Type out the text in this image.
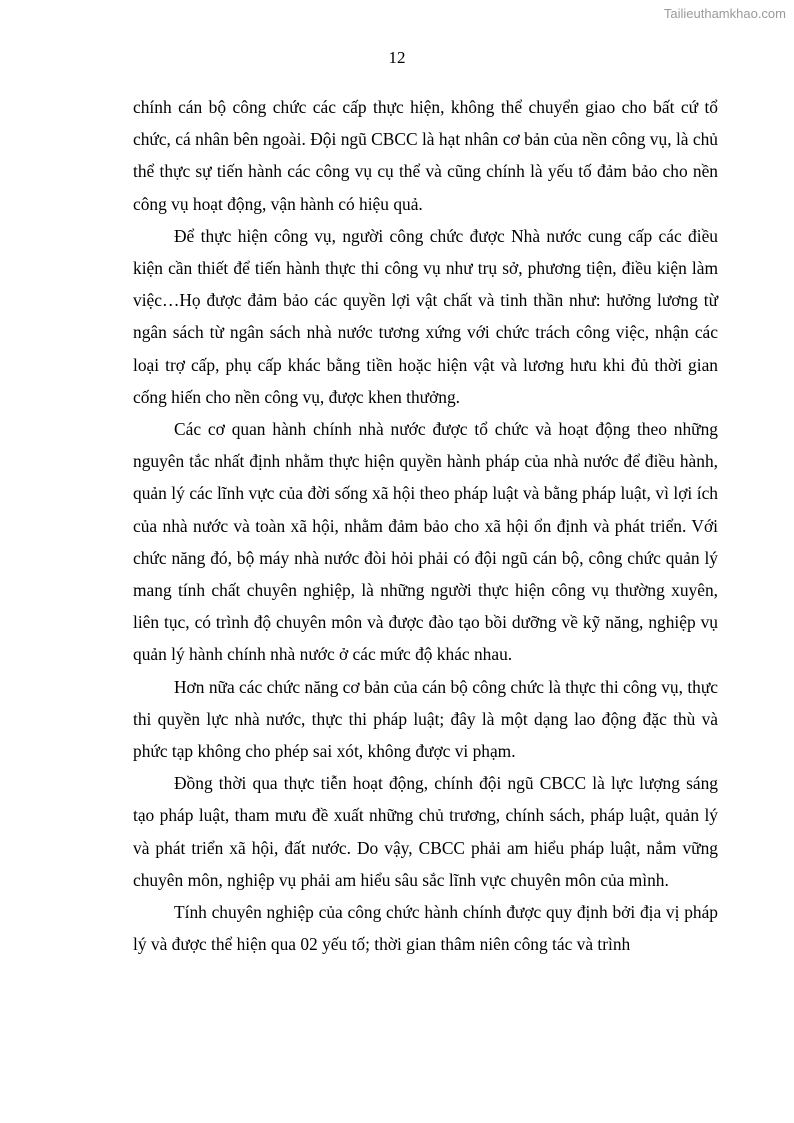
Tailieuthamkhao.com
12

chính cán bộ công chức các cấp thực hiện, không thể chuyển giao cho bất cứ tổ chức, cá nhân bên ngoài. Đội ngũ CBCC là hạt nhân cơ bản của nền công vụ, là chủ thể thực sự tiến hành các công vụ cụ thể và cũng chính là yếu tố đảm bảo cho nền công vụ hoạt động, vận hành có hiệu quả.

Để thực hiện công vụ, người công chức được Nhà nước cung cấp các điều kiện cần thiết để tiến hành thực thi công vụ như trụ sở, phương tiện, điều kiện làm việc…Họ được đảm bảo các quyền lợi vật chất và tinh thần như: hưởng lương từ ngân sách từ ngân sách nhà nước tương xứng với chức trách công việc, nhận các loại trợ cấp, phụ cấp khác bằng tiền hoặc hiện vật và lương hưu khi đủ thời gian cống hiến cho nền công vụ, được khen thưởng.

Các cơ quan hành chính nhà nước được tổ chức và hoạt động theo những nguyên tắc nhất định nhằm thực hiện quyền hành pháp của nhà nước để điều hành, quản lý các lĩnh vực của đời sống xã hội theo pháp luật và bằng pháp luật, vì lợi ích của nhà nước và toàn xã hội, nhằm đảm bảo cho xã hội ổn định và phát triển. Với chức năng đó, bộ máy nhà nước đòi hỏi phải có đội ngũ cán bộ, công chức quản lý mang tính chất chuyên nghiệp, là những người thực hiện công vụ thường xuyên, liên tục, có trình độ chuyên môn và được đào tạo bồi dưỡng về kỹ năng, nghiệp vụ quản lý hành chính nhà nước ở các mức độ khác nhau.

Hơn nữa các chức năng cơ bản của cán bộ công chức là thực thi công vụ, thực thi quyền lực nhà nước, thực thi pháp luật; đây là một dạng lao động đặc thù và phức tạp không cho phép sai xót, không được vi phạm.

Đồng thời qua thực tiễn hoạt động, chính đội ngũ CBCC là lực lượng sáng tạo pháp luật, tham mưu đề xuất những chủ trương, chính sách, pháp luật, quản lý và phát triển xã hội, đất nước. Do vậy, CBCC phải am hiểu pháp luật, nắm vững chuyên môn, nghiệp vụ phải am hiểu sâu sắc lĩnh vực chuyên môn của mình.

Tính chuyên nghiệp của công chức hành chính được quy định bởi địa vị pháp lý và được thể hiện qua 02 yếu tố; thời gian thâm niên công tác và trình
